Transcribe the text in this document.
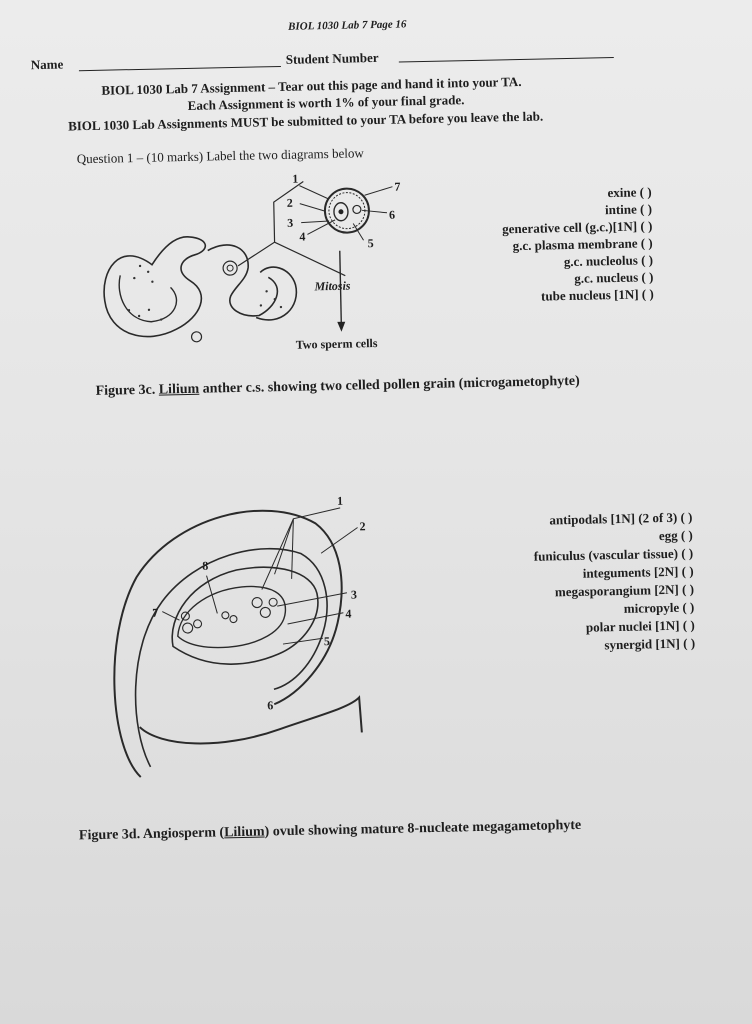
BIOL 1030 Lab 7 Page 16
Name	Student Number
BIOL 1030 Lab 7 Assignment – Tear out this page and hand it into your TA.
Each Assignment is worth 1% of your final grade.
BIOL 1030 Lab Assignments MUST be submitted to your TA before you leave the lab.
Question 1 – (10 marks) Label the two diagrams below
1
2
3
4	5
6
7
Mitosis
Two sperm cells
exine ( )
intine ( )
generative cell (g.c.)[1N] ( )
g.c. plasma membrane ( )
g.c. nucleolus ( )
g.c. nucleus ( )
tube nucleus [1N] ( )
Figure 3c. Lilium anther c.s. showing two celled pollen grain (microgametophyte)
1
2
3
4
5
6
7
8
antipodals [1N] (2 of 3) ( )
egg ( )
funiculus (vascular tissue) ( )
integuments [2N] ( )
megasporangium [2N] ( )
micropyle ( )
polar nuclei [1N] ( )
synergid [1N] ( )
Figure 3d. Angiosperm (Lilium) ovule showing mature 8-nucleate megagametophyte
